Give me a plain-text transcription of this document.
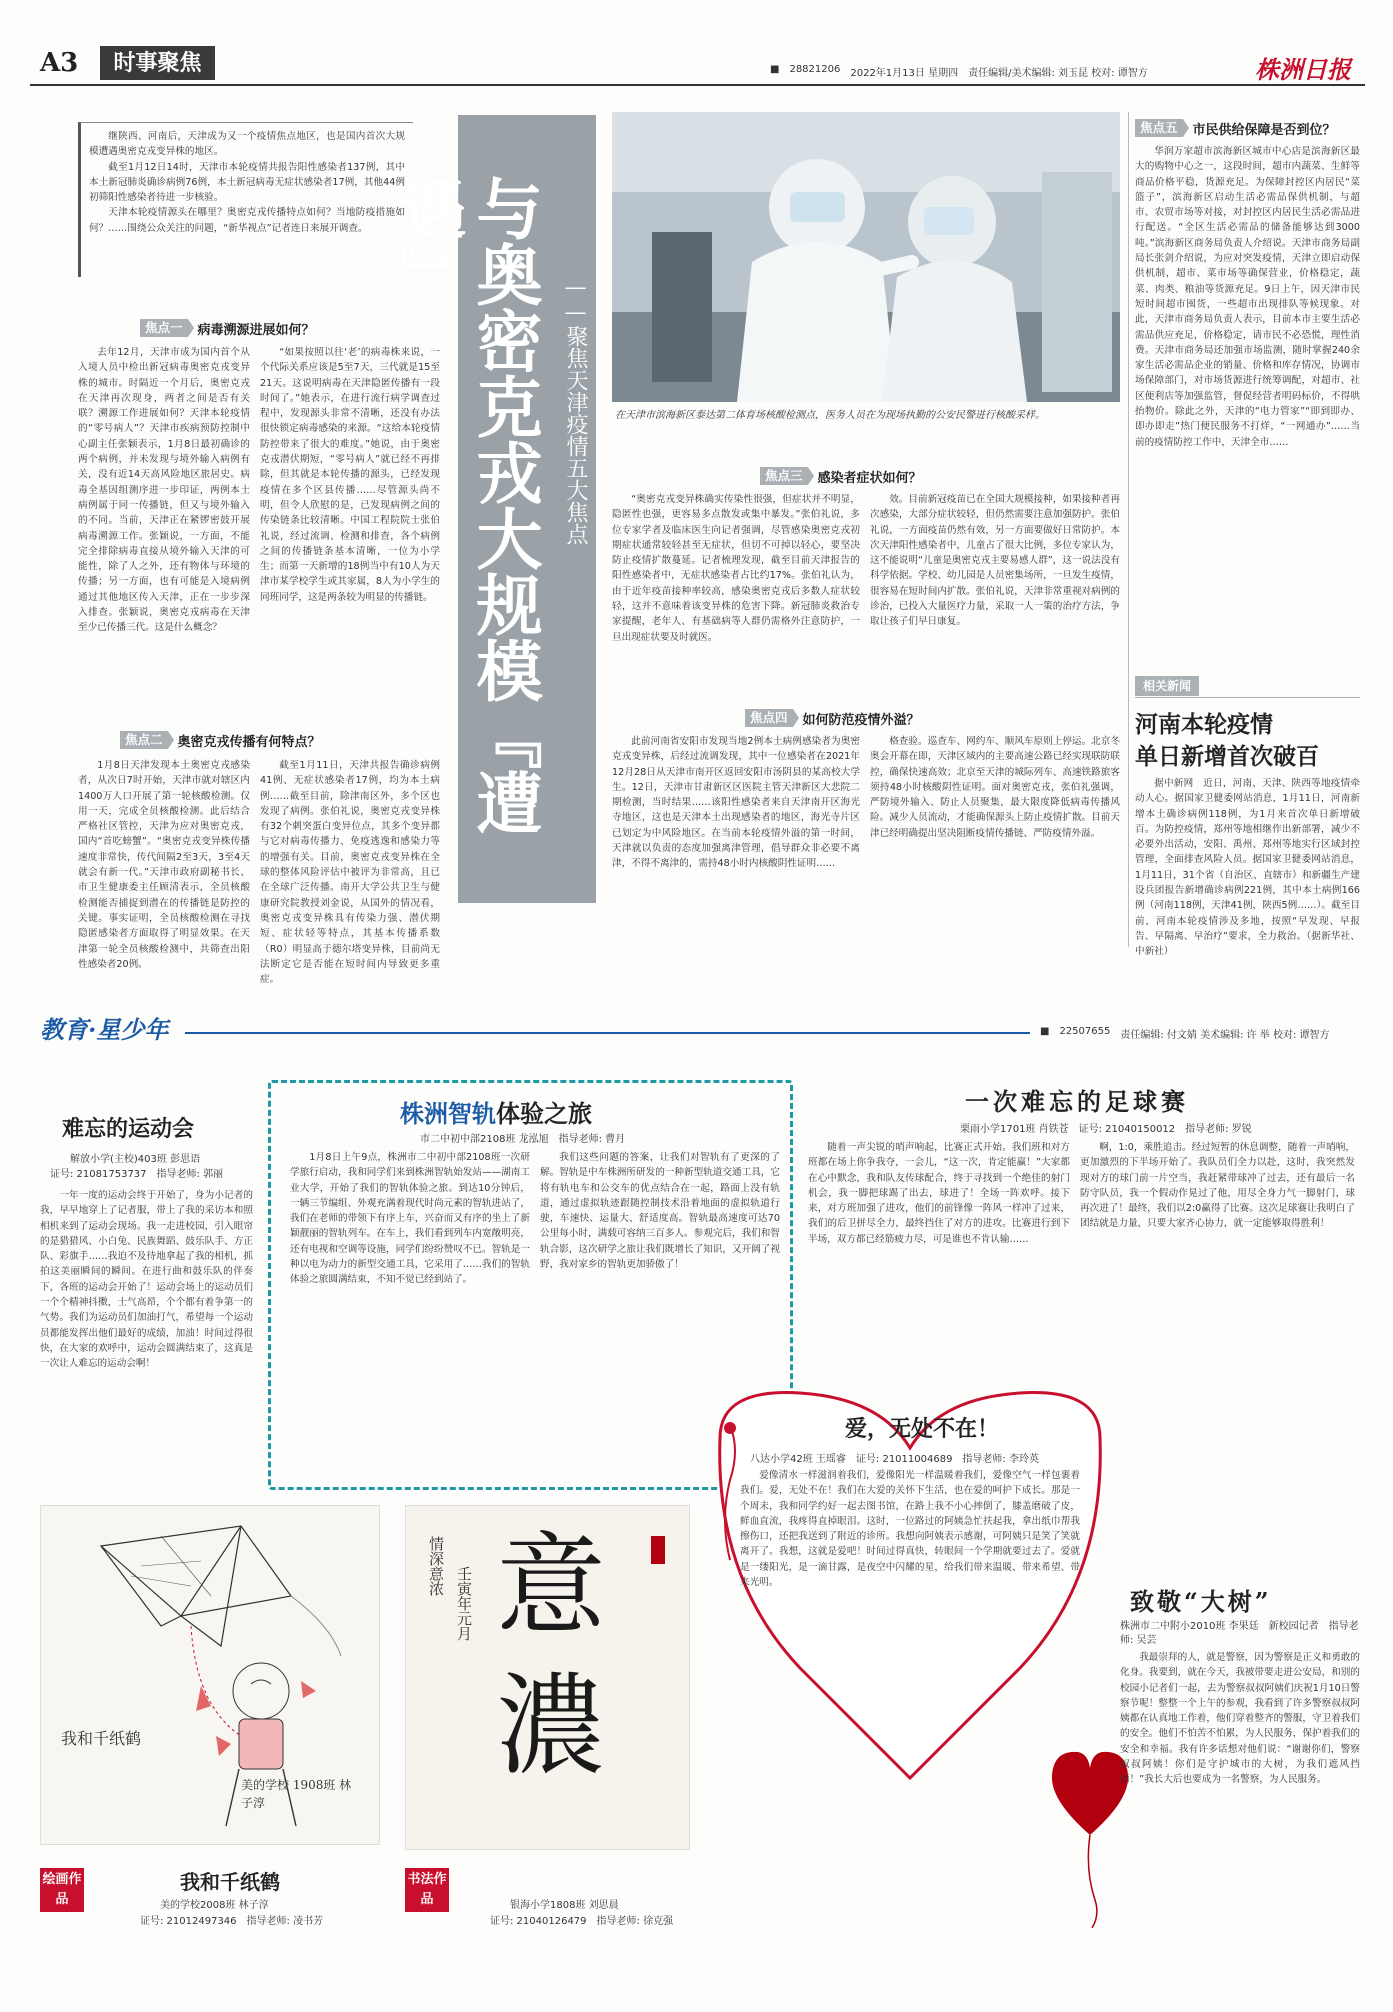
A3	时事聚焦	■ 28821206 2022年1月13日 星期四 责任编辑/美术编辑: 刘玉昆 校对: 谭智方	株洲日报

继陕西、河南后，天津成为又一个疫情焦点地区，也是国内首次大规模遭遇奥密克戎变异株的地区。

截至1月12日14时，天津市本轮疫情共报告阳性感染者137例，其中本土新冠肺炎确诊病例76例，本土新冠病毒无症状感染者17例，其他44例初筛阳性感染者待进一步核验。

天津本轮疫情源头在哪里？奥密克戎传播特点如何？当地防疫措施如何？……围绕公众关注的问题，“新华视点”记者连日来展开调查。	与奥密克戎大规模『遭遇』
——聚焦天津疫情五大焦点	在天津市滨海新区泰达第二体育场核酸检测点，医务人员在为现场执勤的公安民警进行核酸采样。
焦点一	病毒溯源进展如何？

去年12月，天津市成为国内首个从入境人员中检出新冠病毒奥密克戎变异株的城市。时隔近一个月后，奥密克戎在天津再次现身，两者之间是否有关联？溯源工作进展如何？天津本轮疫情的“零号病人”？天津市疾病预防控制中心副主任张颖表示，1月8日最初确诊的两个病例，并未发现与境外输入病例有关，没有近14天高风险地区旅居史。病毒全基因组测序进一步印证，两例本土病例属于同一传播链，但又与境外输入的不同。当前，天津正在紧锣密鼓开展病毒溯源工作。张颖说，一方面，不能完全排除病毒直接从境外输入天津的可能性，除了人之外，还有物体与环境的传播；另一方面，也有可能是入境病例通过其他地区传入天津，正在一步步深入排查。张颖说，奥密克戎病毒在天津至少已传播三代。这是什么概念？

“如果按照以往‘老’的病毒株来说，一个代际关系应该是5至7天，三代就是15至21天。这说明病毒在天津隐匿传播有一段时间了。”她表示，在进行流行病学调查过程中，发现源头非常不清晰，还没有办法很快锁定病毒感染的来源。“这给本轮疫情防控带来了很大的难度。”她说，由于奥密克戎潜伏期短，“零号病人”就已经不再排除，但其就是本轮传播的源头，已经发现疫情在多个区县传播……尽管源头尚不明，但令人欣慰的是，已发现病例之间的传染链条比较清晰。中国工程院院士张伯礼说，经过流调、检测和排查，各个病例之间的传播链条基本清晰，一位为小学生；而第一天新增的18例当中有10人为天津市某学校学生或其家属，8人为小学生的同班同学，这是两条较为明显的传播链。

焦点二	奥密克戎传播有何特点？

1月8日天津发现本土奥密克戎感染者，从次日7时开始，天津市就对辖区内1400万人口开展了第一轮核酸检测。仅用一天，完成全员核酸检测。此后结合严格社区管控，天津为应对奥密克戎，国内“首吃螃蟹”。“奥密克戎变异株传播速度非常快，传代间隔2至3天，3至4天就会有新一代。”天津市政府副秘书长、市卫生健康委主任顾清表示，全员核酸检测能否捕捉到潜在的传播链是防控的关键。事实证明，全员核酸检测在寻找隐匿感染者方面取得了明显效果。在天津第一轮全员核酸检测中，共筛查出阳性感染者20例。

截至1月11日，天津共报告确诊病例41例、无症状感染者17例，均为本土病例……截至目前，除津南区外，多个区也发现了病例。张伯礼说，奥密克戎变异株有32个刺突蛋白变异位点，其多个变异都与它对病毒传播力、免疫逃逸和感染力等的增强有关。目前，奥密克戎变异株在全球的整体风险评估中被评为非常高，且已在全球广泛传播。南开大学公共卫生与健康研究院教授刘金说，从国外的情况看，奥密克戎变异株具有传染力强、潜伏期短、症状轻等特点，其基本传播系数（R0）明显高于德尔塔变异株，目前尚无法断定它是否能在短时间内导致更多重症。

焦点三	感染者症状如何？

“奥密克戎变异株确实传染性很强，但症状并不明显，隐匿性也强，更容易多点散发或集中暴发。”张伯礼说，多位专家学者及临床医生向记者强调，尽管感染奥密克戎初期症状通常较轻甚至无症状，但切不可掉以轻心，要坚决防止疫情扩散蔓延。记者梳理发现，截至目前天津报告的阳性感染者中，无症状感染者占比约17%。张伯礼认为，由于近年疫苗接种率较高，感染奥密克戎后多数人症状较轻，这并不意味着该变异株的危害下降。新冠肺炎救治专家提醒，老年人、有基础病等人群仍需格外注意防护，一旦出现症状要及时就医。

效。目前新冠疫苗已在全国大规模接种，如果接种者再次感染，大部分症状较轻，但仍然需要注意加强防护。张伯礼说，一方面疫苗仍然有效，另一方面要做好日常防护。本次天津阳性感染者中，儿童占了很大比例，多位专家认为，这不能说明“儿童是奥密克戎主要易感人群”，这一说法没有科学依据。学校、幼儿园是人员密集场所，一旦发生疫情，很容易在短时间内扩散。张伯礼说，天津非常重视对病例的诊治，已投入大量医疗力量，采取一人一策的治疗方法，争取让孩子们早日康复。

焦点四	如何防范疫情外溢？

此前河南省安阳市发现当地2例本土病例感染者为奥密克戎变异株，后经过流调发现，其中一位感染者在2021年12月28日从天津市南开区返回安阳市汤阴县的某高校大学生。12日，天津市甘肃新区区医院主管天津新区大悲院二期检测，当时结果……该阳性感染者来自天津南开区海光寺地区，这也是天津本土出现感染者的地区，海光寺片区已划定为中风险地区。在当前本轮疫情外溢的第一时间，天津就以负责的态度加强离津管理，倡导群众非必要不离津，不得不离津的，需持48小时内核酸阴性证明……

格查验。巡查车、网约车、顺风车原则上停运。北京冬奥会开幕在即，天津区域内的主要高速公路已经实现联防联控，确保快速高效；北京至天津的城际列车、高速铁路旅客须持48小时核酸阴性证明。面对奥密克戎，张伯礼强调，严防境外输入、防止人员聚集，最大限度降低病毒传播风险。减少人员流动，才能确保源头上防止疫情扩散。目前天津已经明确提出坚决阻断疫情传播链、严防疫情外溢。

焦点五	市民供给保障是否到位？

华润万家超市滨海新区城市中心店是滨海新区最大的购物中心之一，这段时间，超市内蔬菜、生鲜等商品价格平稳，货源充足。为保障封控区内居民“菜篮子”，滨海新区启动生活必需品保供机制，与超市、农贸市场等对接，对封控区内居民生活必需品进行配送。“全区生活必需品的储备能够达到3000吨。”滨海新区商务局负责人介绍说。天津市商务局副局长张剑介绍说，为应对突发疫情，天津立即启动保供机制，超市、菜市场等确保营业，价格稳定，蔬菜、肉类、粮油等货源充足。9日上午，因天津市民短时间超市囤货，一些超市出现排队等候现象。对此，天津市商务局负责人表示，目前本市主要生活必需品供应充足，价格稳定，请市民不必恐慌，理性消费。天津市商务局还加强市场监测，随时掌握240余家生活必需品企业的销量、价格和库存情况，协调市场保障部门，对市场货源进行统筹调配，对超市、社区便利店等加强监管，督促经营者明码标价，不得哄抬物价。除此之外，天津的“电力管家”“即到即办、即办即走”热门便民服务不打烊，“一网通办”……当前的疫情防控工作中，天津全市……

相关新闻
河南本轮疫情
单日新增首次破百

据中新网　近日，河南、天津、陕西等地疫情牵动人心。据国家卫健委网站消息，1月11日，河南新增本土确诊病例118例，为1月来首次单日新增破百。为防控疫情，郑州等地相继作出新部署，减少不必要外出活动，安阳、禹州、郑州等地实行区域封控管理，全面排查风险人员。据国家卫健委网站消息，1月11日，31个省（自治区、直辖市）和新疆生产建设兵团报告新增确诊病例221例，其中本土病例166例（河南118例，天津41例，陕西5例……）。截至目前，河南本轮疫情涉及多地，按照“早发现、早报告、早隔离、早治疗”要求，全力救治。（据新华社、中新社）

教育·星少年	■ 22507655 责任编辑: 付文婧 美术编辑: 许 举 校对: 谭智方
难忘的运动会
解放小学(主校)403班 彭思语
证号: 21081753737　指导老师: 郭丽

一年一度的运动会终于开始了，身为小记者的我，早早地穿上了记者服，带上了我的采访本和照相机来到了运动会现场。我一走进校园，引入眼帘的是猎猎风、小白兔、民族舞蹈、鼓乐队手、方正队、彩旗手……我迫不及待地拿起了我的相机，抓拍这美丽瞬间的瞬间。在进行曲和鼓乐队的伴奏下，各班的运动会开始了！运动会场上的运动员们一个个精神抖擞，士气高昂，个个都有着争第一的气势。我们为运动员们加油打气，希望每一个运动员都能发挥出他们最好的成绩，加油！时间过得很快，在大家的欢呼中，运动会圆满结束了，这真是一次让人难忘的运动会啊！

株洲智轨体验之旅
市二中初中部2108班 龙泓旭　指导老师: 曹月

1月8日上午9点，株洲市二中初中部2108班一次研学旅行启动，我和同学们来到株洲智轨始发站——湖南工业大学，开始了我们的智轨体验之旅。到达10分钟后，一辆三节编组、外观充满着现代时尚元素的智轨进站了，我们在老师的带领下有序上车，兴奋而又有序的坐上了新颖靓丽的智轨列车。在车上，我们看到列车内宽敞明亮，还有电视和空调等设施，同学们纷纷赞叹不已。智轨是一种以电为动力的新型交通工具，它采用了……我们的智轨体验之旅圆满结束，不知不觉已经到站了。

我们这些问题的答案，让我们对智轨有了更深的了解。智轨是中车株洲所研发的一种新型轨道交通工具，它将有轨电车和公交车的优点结合在一起，路面上没有轨道，通过虚拟轨迹跟随控制技术沿着地面的虚拟轨道行驶，车速快、运量大、舒适度高。智轨最高速度可达70公里每小时，满载可容纳三百多人。参观完后，我们和智轨合影，这次研学之旅让我们既增长了知识，又开阔了视野，我对家乡的智轨更加骄傲了！

一次难忘的足球赛
栗雨小学1701班 肖铁苍　证号: 21040150012　指导老师: 罗锐

随着一声尖锐的哨声响起，比赛正式开始。我们班和对方班都在场上你争我夺，一会儿，“这一次，肯定能赢！”大家都在心中默念，我和队友传球配合，终于寻找到一个绝佳的射门机会，我一脚把球踢了出去，球进了！全场一阵欢呼。接下来，对方班加强了进攻，他们的前锋像一阵风一样冲了过来，我们的后卫拼尽全力，最终挡住了对方的进攻。比赛进行到下半场，双方都已经筋疲力尽，可是谁也不肯认输……

啊，1:0，乘胜追击。经过短暂的休息调整，随着一声哨响，更加激烈的下半场开始了。我队员们全力以赴，这时，我突然发现对方的球门前一片空当，我赶紧带球冲了过去，还有最后一名防守队员，我一个假动作晃过了他，用尽全身力气一脚射门，球再次进了！最终，我们以2:0赢得了比赛。这次足球赛让我明白了团结就是力量，只要大家齐心协力，就一定能够取得胜利！

爱，无处不在！
八达小学42班 王瑶睿　证号: 21011004689　指导老师: 李玲英

爱像清水一样滋润着我们，爱像阳光一样温暖着我们，爱像空气一样包裹着我们。爱，无处不在！我们在大爱的关怀下生活，也在爱的呵护下成长。那是一个周末，我和同学约好一起去图书馆，在路上我不小心摔倒了，膝盖磨破了皮，鲜血直流，我疼得直掉眼泪。这时，一位路过的阿姨急忙扶起我，拿出纸巾帮我擦伤口，还把我送到了附近的诊所。我想向阿姨表示感谢，可阿姨只是笑了笑就离开了。我想，这就是爱吧！时间过得真快，转眼间一个学期就要过去了。爱就是一缕阳光，是一滴甘露，是夜空中闪耀的星，给我们带来温暖、带来希望、带来光明。

致敬“大树”
株洲市二中附小2010班 李果廷　新校园记者　指导老师: 吴芸

我最崇拜的人，就是警察，因为警察是正义和勇敢的化身。我要到，就在今天，我被带要走进公安局，和别的校园小记者们一起，去为警察叔叔阿姨们庆祝1月10日警察节呢！整整一个上午的参观，我看到了许多警察叔叔阿姨都在认真地工作着，他们穿着整齐的警服，守卫着我们的安全。他们不怕苦不怕累，为人民服务，保护着我们的安全和幸福。我有许多话想对他们说：“谢谢你们，警察叔叔阿姨！你们是守护城市的大树，为我们遮风挡雨！”我长大后也要成为一名警察，为人民服务。

我和千纸鹤
美的学校 1908班 林子淳
绘画作品
我和千纸鹤
美的学校2008班 林子淳
证号: 21012497346　指导老师: 凌书芳
情深意浓 壬寅年元月 意
濃
书法作品	银海小学1808班 刘思晨
证号: 21040126479　指导老师: 徐克强
